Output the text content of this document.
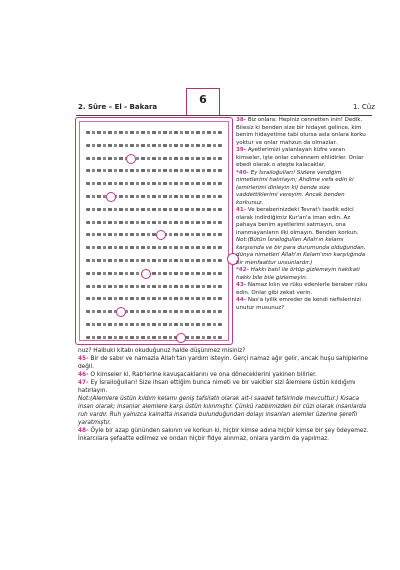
6
2. Sûre – El - Bakara	1. Cüz
38- Biz onlara: Hepiniz cennetten inin! Dedik. Bilesiz ki benden size bir hidayet gelince, kim benim hidayetime tabi olursa asla onlara korku yoktur ve onlar mahzun da olmazlar.
39- Ayetlerimizi yalanlayan küfre varan kimseler, işte onlar cehennem ehlidirler. Onlar ebedi olarak o ateşte kalacaklar.
*40- Ey İsrailoğulları! Sizlere verdiğim nimetlerimi hatırlayın; Ahdime vefa edin ki (emirlerimi dinleyin ki) bende size vaddettiklerimi vereyim. Ancak benden korkunuz.
41- Ve beraberinizdeki Tevrat'ı tasdik edici olarak indirdiğimiz Kur'an'a iman edin. Az pahaya benim ayetlerimi satmayın, ona inanmayanların ilki olmayın. Benden korkun.
Not:(Bütün İsrailoğulları Allah'ın kelamı karşısında ve bir para durumunda olduğundan, dünya nimetleri Allah'ın Kelam'ının karşılığında bir menfaattur unsunlardır.)
*42- Hakkı batıl ile örtüp gizlemeyin hakikati hakkı bile bile gizlemeyin.
43- Namaz kılın ve rüku edenlerle beraber rüku edin. Onlar gibi zekat verin.
44- Nas'a iyilik emreder de kendi nefislerinizi unutur musunuz?
nuz? Halbuki kitabı okuduğunuz halde düşünmez misiniz?
45- Bir de sabır ve namazla Allah'tan yardım isteyin. Gerçi namaz ağır gelir, ancak huşu sahiplerine değil.
46- O kimseler ki, Rab'lerine kavuşacaklarını ve ona döneceklerini yakinen bilirler.
47- Ey İsrailoğulları! Size ihsan ettiğim bunca nimeti ve bir vakitler sizi âlemlere üstün kıldığımı hatırlayın.
Not:(Alemlere üstün kıldım kelamı geniş tafsilatlı olarak ait-i saadet tefsirinde mevcuttur.) Kısaca insan olarak; insanlar alemlere karşı üstün kılınmıştır. Çünkü rabbimizden bir cüzi olarak insanlarda ruh vardır. Ruh yalnızca kainatta insanda bulunduğundan dolayı insanları alemler üzerine şerefli yaratmıştır.
48- Öyle bir azap gününden sakının ve korkun ki, hiçbir kimse adına hiçbir kimse bir şey ödeyemez. İnkarcılara şefaatte edilmez ve ondan hiçbir fidye alınmaz, onlara yardım da yapılmaz.
